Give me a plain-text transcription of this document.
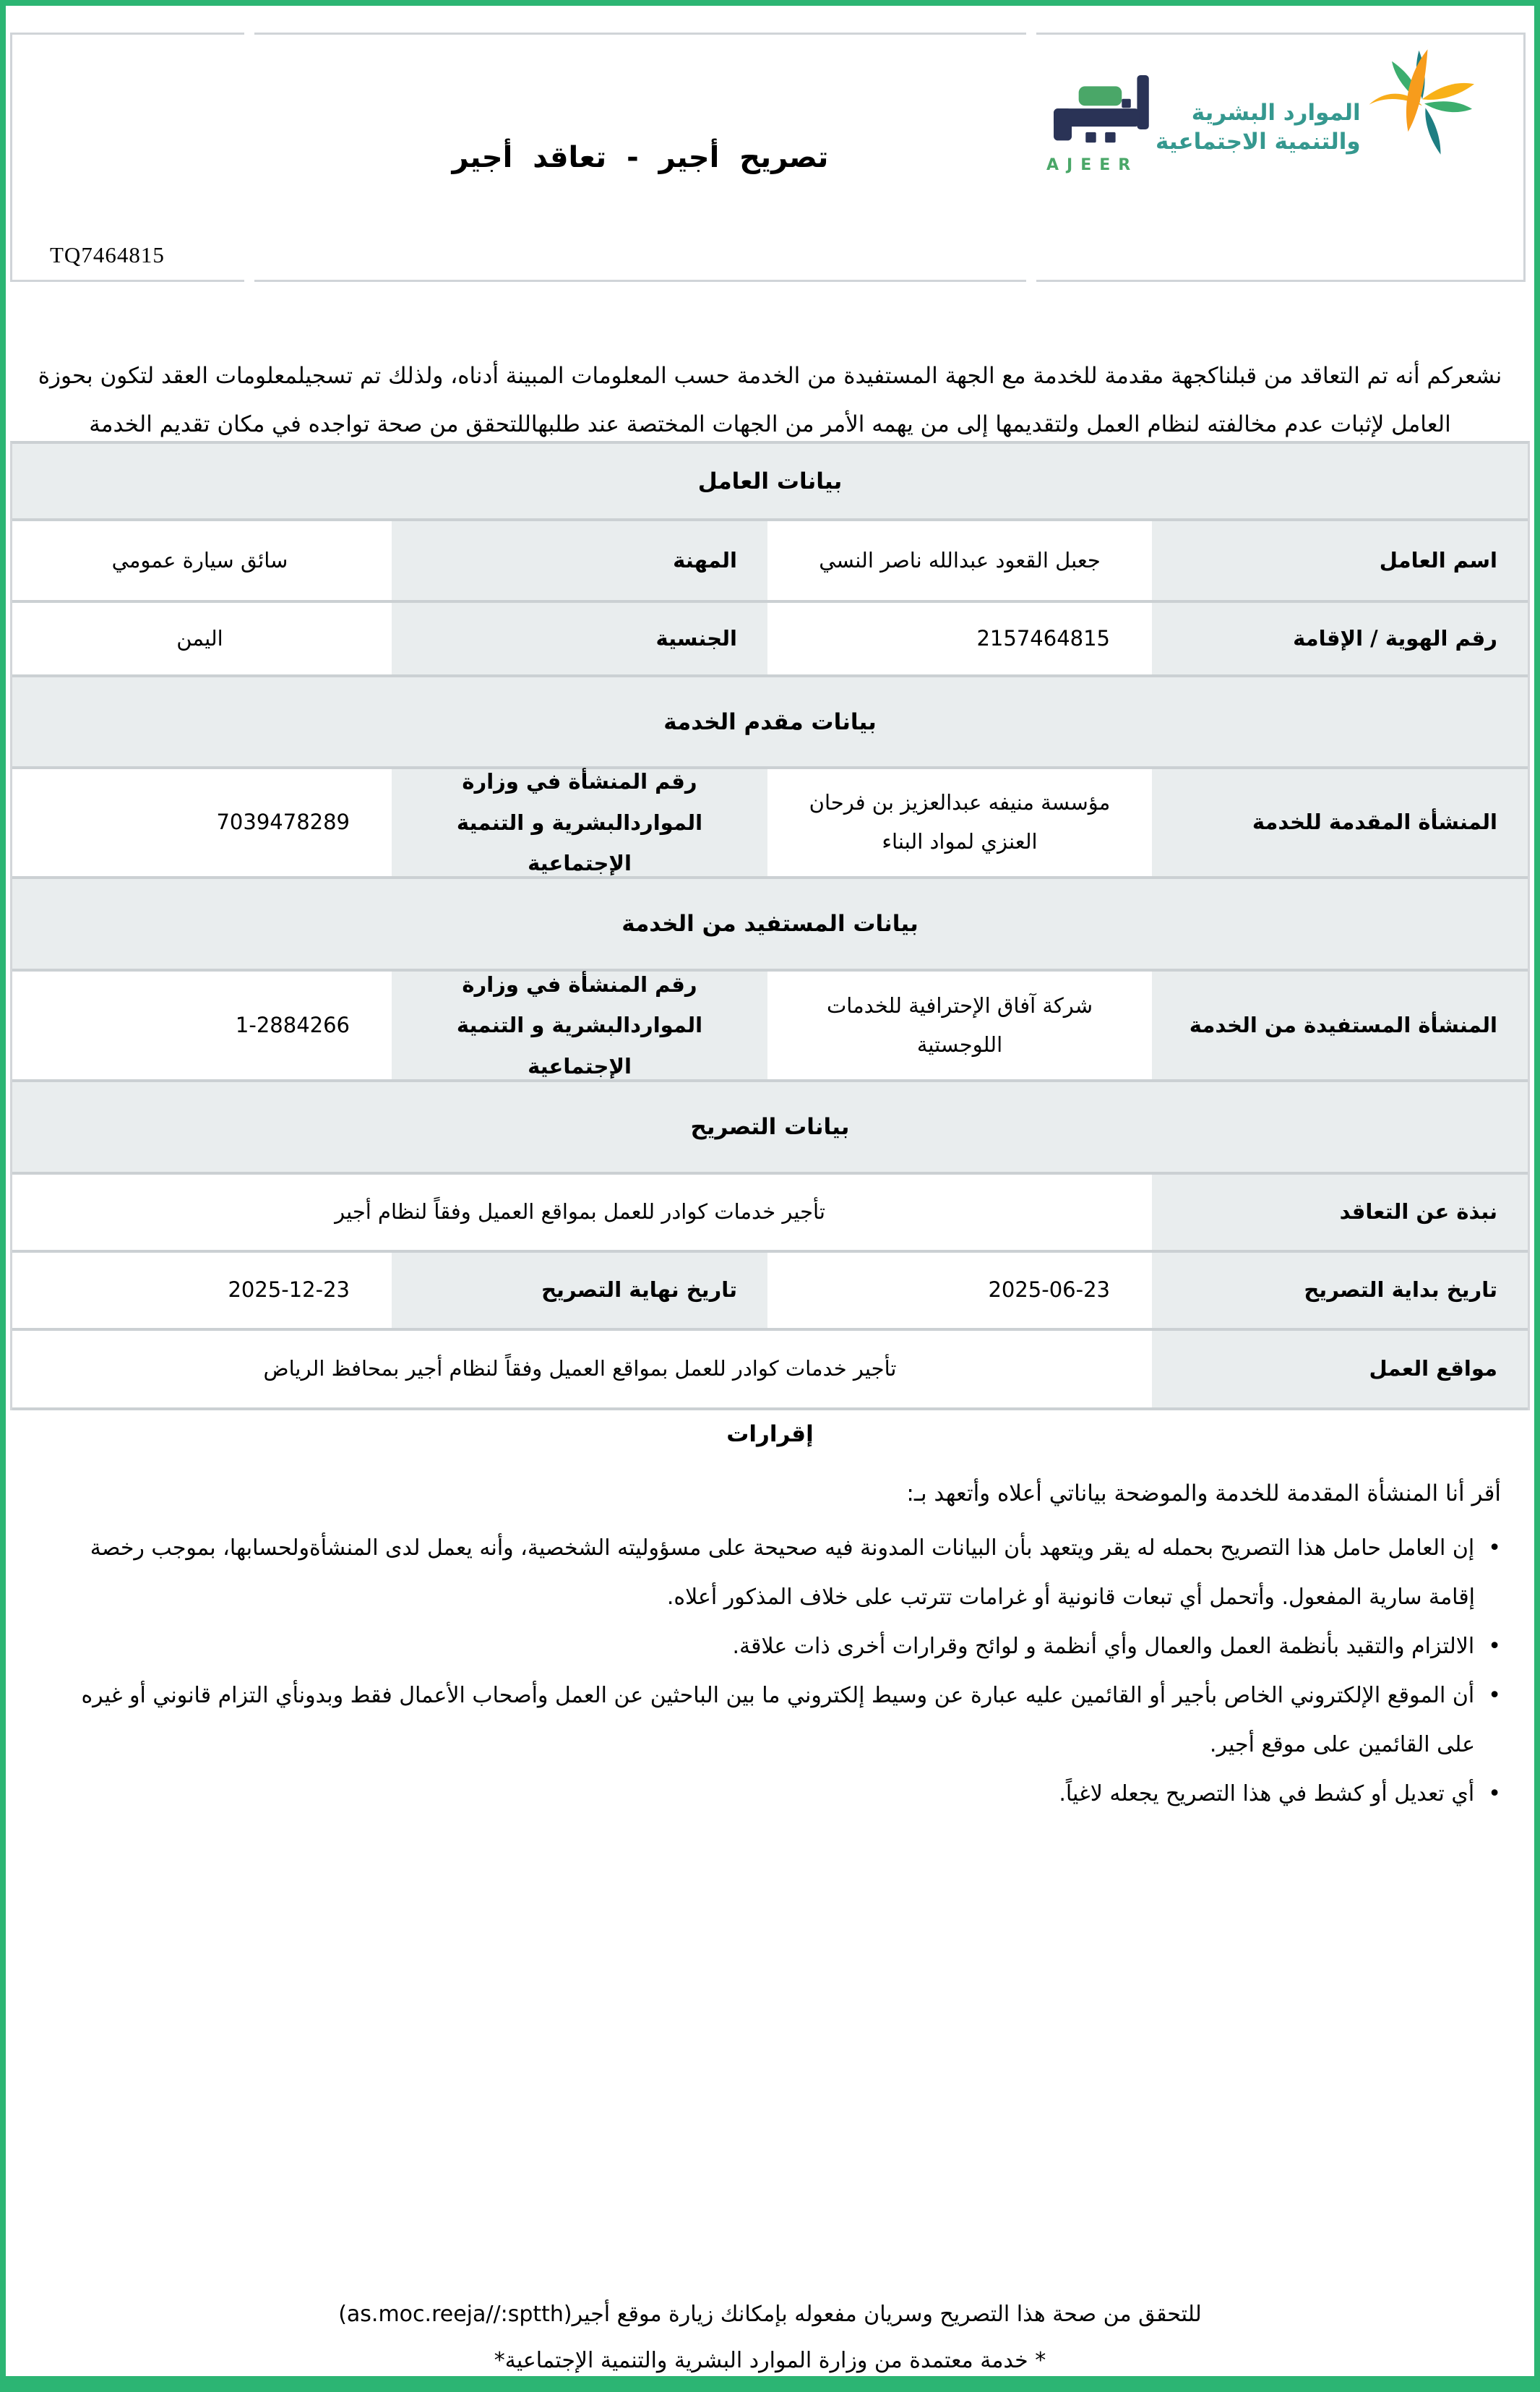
TQ7464815
تصريح أجير - تعاقد أجير	AJEER
الموارد البشرية
والتنمية الاجتماعية

نشعركم أنه تم التعاقد من قبلناكجهة مقدمة للخدمة مع الجهة المستفيدة من الخدمة حسب المعلومات المبينة أدناه، ولذلك تم تسجيلمعلومات العقد لتكون بحوزة العامل لإثبات عدم مخالفته لنظام العمل ولتقديمها إلى من يهمه الأمر من الجهات المختصة عند طلبهاللتحقق من صحة تواجده في مكان تقديم الخدمة

بيانات العامل
اسم العامل
جعبل القعود عبدالله ناصر النسي
المهنة
سائق سيارة عمومي
رقم الهوية / الإقامة
2157464815
الجنسية
اليمن
بيانات مقدم الخدمة
المنشأة المقدمة للخدمة
مؤسسة منيفه عبدالعزيز بن فرحان العنزي لمواد البناء
رقم المنشأة في وزارة المواردالبشرية و التنمية الإجتماعية
7039478289
بيانات المستفيد من الخدمة
المنشأة المستفيدة من الخدمة
شركة آفاق الإحترافية للخدمات اللوجستية
رقم المنشأة في وزارة المواردالبشرية و التنمية الإجتماعية
1-2884266
بيانات التصريح
نبذة عن التعاقد
تأجير خدمات كوادر للعمل بمواقع العميل وفقاً لنظام أجير
تاريخ بداية التصريح
2025-06-23
تاريخ نهاية التصريح
2025-12-23
مواقع العمل
تأجير خدمات كوادر للعمل بمواقع العميل وفقاً لنظام أجير بمحافظ الرياض
إقرارات
أقر أنا المنشأة المقدمة للخدمة والموضحة بياناتي أعلاه وأتعهد بـ:
•  إن العامل حامل هذا التصريح بحمله له يقر ويتعهد بأن البيانات المدونة فيه صحيحة على مسؤوليته الشخصية، وأنه يعمل لدى المنشأةولحسابها، بموجب رخصة إقامة سارية المفعول. وأتحمل أي تبعات قانونية أو غرامات تترتب على خلاف المذكور أعلاه.
•  الالتزام والتقيد بأنظمة العمل والعمال وأي أنظمة و لوائح وقرارات أخرى ذات علاقة.
•  أن الموقع الإلكتروني الخاص بأجير أو القائمين عليه عبارة عن وسيط إلكتروني ما بين الباحثين عن العمل وأصحاب الأعمال فقط وبدونأي التزام قانوني أو غيره على القائمين على موقع أجير.
•  أي تعديل أو كشط في هذا التصريح يجعله لاغياً.
للتحقق من صحة هذا التصريح وسريان مفعوله بإمكانك زيارة موقع أجير(as.moc.reeja//:sptth)
* خدمة معتمدة من وزارة الموارد البشرية والتنمية الإجتماعية*
